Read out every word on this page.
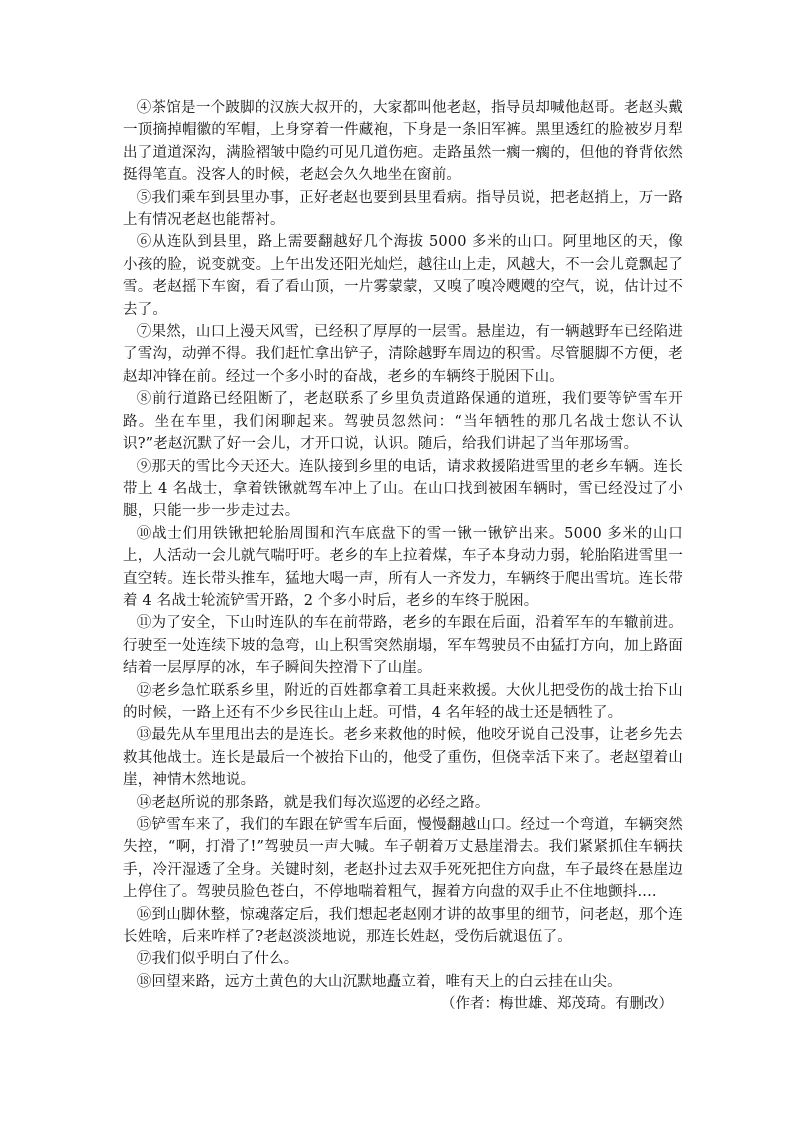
④茶馆是一个跛脚的汉族大叔开的，大家都叫他老赵，指导员却喊他赵哥。老赵头戴一顶摘掉帽徽的军帽，上身穿着一件藏袍，下身是一条旧军裤。黑里透红的脸被岁月犁出了道道深沟，满脸褶皱中隐约可见几道伤疤。走路虽然一瘸一瘸的，但他的脊背依然挺得笔直。没客人的时候，老赵会久久地坐在窗前。

⑤我们乘车到县里办事，正好老赵也要到县里看病。指导员说，把老赵捎上，万一路上有情况老赵也能帮衬。

⑥从连队到县里，路上需要翻越好几个海拔 5000 多米的山口。阿里地区的天，像小孩的脸，说变就变。上午出发还阳光灿烂，越往山上走，风越大，不一会儿竟飘起了雪。老赵摇下车窗，看了看山顶，一片雾蒙蒙，又嗅了嗅冷飕飕的空气，说，估计过不去了。

⑦果然，山口上漫天风雪，已经积了厚厚的一层雪。悬崖边，有一辆越野车已经陷进了雪沟，动弹不得。我们赶忙拿出铲子，清除越野车周边的积雪。尽管腿脚不方便，老赵却冲锋在前。经过一个多小时的奋战，老乡的车辆终于脱困下山。

⑧前行道路已经阻断了，老赵联系了乡里负责道路保通的道班，我们要等铲雪车开路。坐在车里，我们闲聊起来。驾驶员忽然问：“当年牺牲的那几名战士您认不认识?”老赵沉默了好一会儿，才开口说，认识。随后，给我们讲起了当年那场雪。

⑨那天的雪比今天还大。连队接到乡里的电话，请求救援陷进雪里的老乡车辆。连长带上 4 名战士，拿着铁锹就驾车冲上了山。在山口找到被困车辆时，雪已经没过了小腿，只能一步一步走过去。

⑩战士们用铁锹把轮胎周围和汽车底盘下的雪一锹一锹铲出来。5000 多米的山口上，人活动一会儿就气喘吁吁。老乡的车上拉着煤，车子本身动力弱，轮胎陷进雪里一直空转。连长带头推车，猛地大喝一声，所有人一齐发力，车辆终于爬出雪坑。连长带着 4 名战士轮流铲雪开路，2 个多小时后，老乡的车终于脱困。

⑪为了安全，下山时连队的车在前带路，老乡的车跟在后面，沿着军车的车辙前进。行驶至一处连续下坡的急弯，山上积雪突然崩塌，军车驾驶员不由猛打方向，加上路面结着一层厚厚的冰，车子瞬间失控滑下了山崖。

⑫老乡急忙联系乡里，附近的百姓都拿着工具赶来救援。大伙儿把受伤的战士抬下山的时候，一路上还有不少乡民往山上赶。可惜，4 名年轻的战士还是牺牲了。

⑬最先从车里甩出去的是连长。老乡来救他的时候，他咬牙说自己没事，让老乡先去救其他战士。连长是最后一个被抬下山的，他受了重伤，但侥幸活下来了。老赵望着山崖，神情木然地说。

⑭老赵所说的那条路，就是我们每次巡逻的必经之路。

⑮铲雪车来了，我们的车跟在铲雪车后面，慢慢翻越山口。经过一个弯道，车辆突然失控，“啊，打滑了!”驾驶员一声大喊。车子朝着万丈悬崖滑去。我们紧紧抓住车辆扶手，冷汗湿透了全身。关键时刻，老赵扑过去双手死死把住方向盘，车子最终在悬崖边上停住了。驾驶员脸色苍白，不停地喘着粗气，握着方向盘的双手止不住地颤抖....

⑯到山脚休整，惊魂落定后，我们想起老赵刚才讲的故事里的细节，问老赵，那个连长姓啥，后来咋样了?老赵淡淡地说，那连长姓赵，受伤后就退伍了。

⑰我们似乎明白了什么。

⑱回望来路，远方土黄色的大山沉默地矗立着，唯有天上的白云挂在山尖。

（作者：梅世雄、郑茂琦。有删改）
